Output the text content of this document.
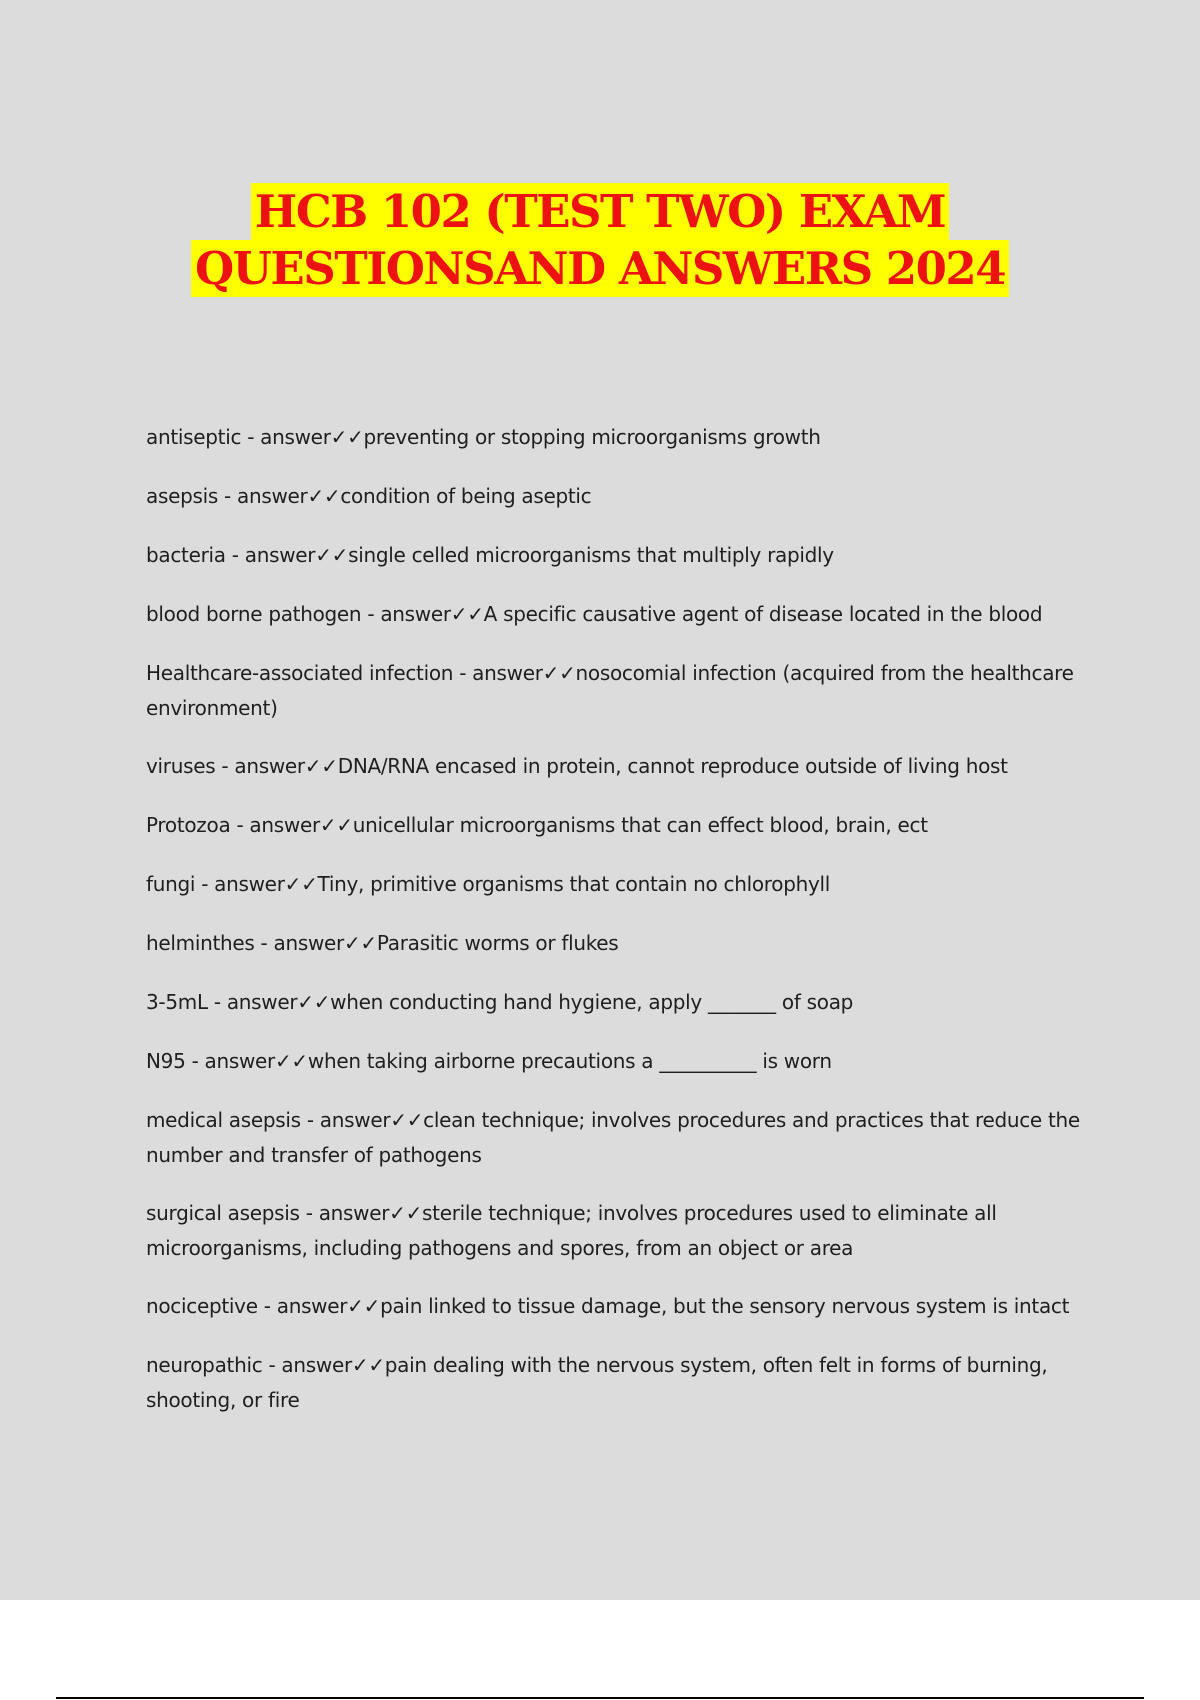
HCB 102 (TEST TWO) EXAM
QUESTIONSAND ANSWERS 2024
antiseptic - answer✓✓preventing or stopping microorganisms growth
asepsis - answer✓✓condition of being aseptic
bacteria - answer✓✓single celled microorganisms that multiply rapidly
blood borne pathogen - answer✓✓A specific causative agent of disease located in the blood
Healthcare-associated infection - answer✓✓nosocomial infection (acquired from the healthcare environment)
viruses - answer✓✓DNA/RNA encased in protein, cannot reproduce outside of living host
Protozoa - answer✓✓unicellular microorganisms that can effect blood, brain, ect
fungi - answer✓✓Tiny, primitive organisms that contain no chlorophyll
helminthes - answer✓✓Parasitic worms or flukes
3-5mL - answer✓✓when conducting hand hygiene, apply _______ of soap
N95 - answer✓✓when taking airborne precautions a __________ is worn
medical asepsis - answer✓✓clean technique; involves procedures and practices that reduce the number and transfer of pathogens
surgical asepsis - answer✓✓sterile technique; involves procedures used to eliminate all microorganisms, including pathogens and spores, from an object or area
nociceptive - answer✓✓pain linked to tissue damage, but the sensory nervous system is intact
neuropathic - answer✓✓pain dealing with the nervous system, often felt in forms of burning, shooting, or fire
